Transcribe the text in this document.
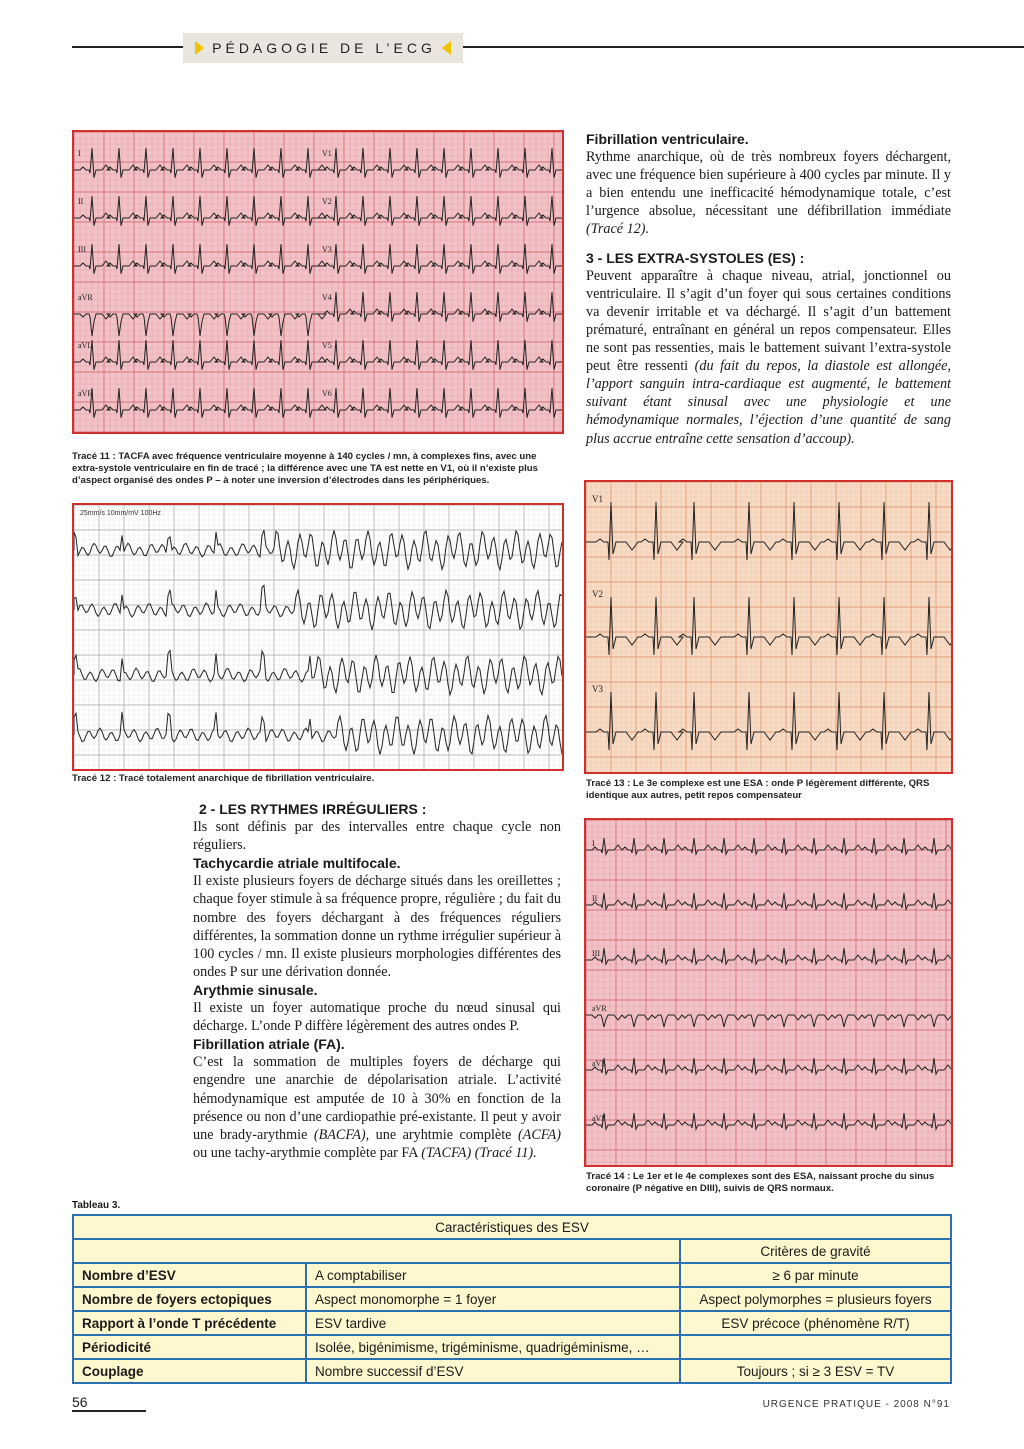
PÉDAGOGIE DE L’ECG
I
II
III
aVR
aVL
aVF
V1
V2
V3
V4
V5
V6
Tracé 11 : TACFA avec fréquence ventriculaire moyenne à 140 cycles / mn, à complexes fins, avec une extra-systole ventriculaire en fin de tracé ; la différence avec une TA est nette en V1, où il n’existe plus d’aspect organisé des ondes P – à noter une inversion d’électrodes dans les périphériques.
25mm/s 10mm/mV 100Hz
Tracé 12 : Tracé totalement anarchique de fibrillation ventriculaire.
V1
V2
V3
Tracé 13 : Le 3e complexe est une ESA : onde P légèrement différente, QRS identique aux autres, petit repos compensateur
I
II
III
aVR
aVL
aVF
Tracé 14 : Le 1er et le 4e complexes sont des ESA, naissant proche du sinus coronaire (P négative en DIII), suivis de QRS normaux.

Fibrillation ventriculaire.

Rythme anarchique, où de très nombreux foyers déchargent, avec une fréquence bien supérieure à 400 cycles par minute. Il y a bien entendu une inefficacité hémodynamique totale, c’est l’urgence absolue, nécessitant une défibrillation immédiate (Tracé 12).

3 - LES EXTRA-SYSTOLES (ES) :

Peuvent apparaître à chaque niveau, atrial, jonctionnel ou ventriculaire. Il s’agit d’un foyer qui sous certaines conditions va devenir irritable et va déchargé. Il s’agit d’un battement prématuré, entraînant en général un repos compensateur. Elles ne sont pas ressenties, mais le battement suivant l’extra-systole peut être ressenti (du fait du repos, la diastole est allongée, l’apport sanguin intra-cardiaque est augmenté, le battement suivant étant sinusal avec une physiologie et une hémodynamique normales, l’éjection d’une quantité de sang plus accrue entraîne cette sensation d’accoup).

2 - LES RYTHMES IRRÉGULIERS :

Ils sont définis par des intervalles entre chaque cycle non réguliers.

Tachycardie atriale multifocale.

Il existe plusieurs foyers de décharge situés dans les oreillettes ; chaque foyer stimule à sa fréquence propre, régulière ; du fait du nombre des foyers déchargant à des fréquences réguliers différentes, la sommation donne un rythme irrégulier supérieur à 100 cycles / mn. Il existe plusieurs morphologies différentes des ondes P sur une dérivation donnée.

Arythmie sinusale.

Il existe un foyer automatique proche du nœud sinusal qui décharge. L’onde P diffère légèrement des autres ondes P.

Fibrillation atriale (FA).

C’est la sommation de multiples foyers de décharge qui engendre une anarchie de dépolarisation atriale. L’activité hémodynamique est amputée de 10 à 30% en fonction de la présence ou non d’une cardiopathie pré-existante. Il peut y avoir une brady-arythmie (BACFA), une aryhtmie complète (ACFA) ou une tachy-arythmie complète par FA (TACFA) (Tracé 11).

Tableau 3.
Caractéristiques des ESV		
		Critères de gravité
Nombre d’ESV	A comptabiliser	≥ 6 par minute
Nombre de foyers ectopiques	Aspect monomorphe = 1 foyer	Aspect polymorphes = plusieurs foyers
Rapport à l’onde T précédente	ESV tardive	ESV précoce (phénomène R/T)
Périodicité	Isolée, bigénimisme, trigéminisme, quadrigéminisme, …	
Couplage	Nombre successif d’ESV	Toujours ; si ≥ 3 ESV = TV
56	URGENCE PRATIQUE - 2008 N°91
